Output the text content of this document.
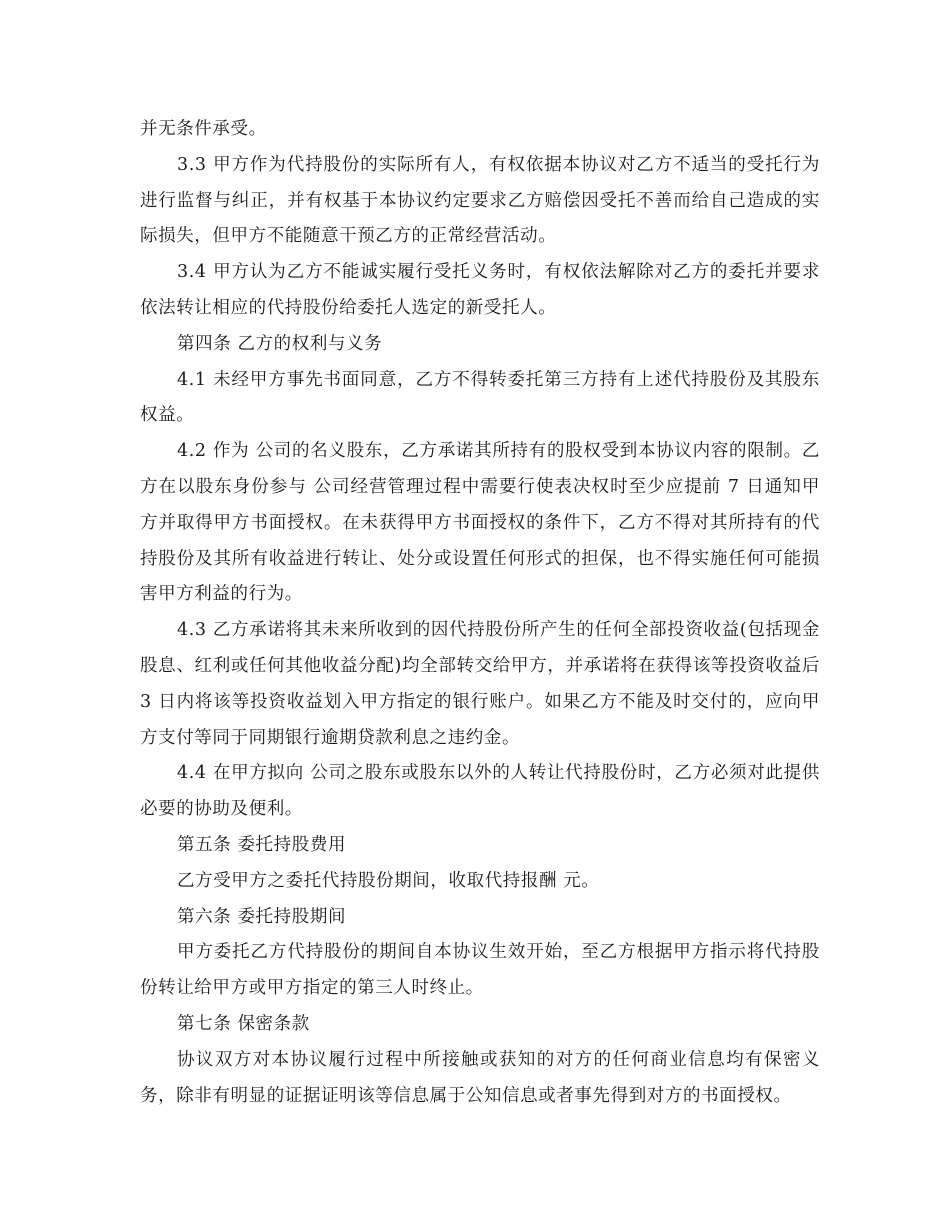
并无条件承受。

3.3 甲方作为代持股份的实际所有人，有权依据本协议对乙方不适当的受托行为进行监督与纠正，并有权基于本协议约定要求乙方赔偿因受托不善而给自己造成的实际损失，但甲方不能随意干预乙方的正常经营活动。

3.4 甲方认为乙方不能诚实履行受托义务时，有权依法解除对乙方的委托并要求依法转让相应的代持股份给委托人选定的新受托人。

第四条 乙方的权利与义务

4.1 未经甲方事先书面同意，乙方不得转委托第三方持有上述代持股份及其股东权益。

4.2 作为 公司的名义股东，乙方承诺其所持有的股权受到本协议内容的限制。乙方在以股东身份参与 公司经营管理过程中需要行使表决权时至少应提前 7 日通知甲方并取得甲方书面授权。在未获得甲方书面授权的条件下，乙方不得对其所持有的代持股份及其所有收益进行转让、处分或设置任何形式的担保，也不得实施任何可能损害甲方利益的行为。

4.3 乙方承诺将其未来所收到的因代持股份所产生的任何全部投资收益(包括现金股息、红利或任何其他收益分配)均全部转交给甲方，并承诺将在获得该等投资收益后 3 日内将该等投资收益划入甲方指定的银行账户。如果乙方不能及时交付的，应向甲方支付等同于同期银行逾期贷款利息之违约金。

4.4 在甲方拟向 公司之股东或股东以外的人转让代持股份时，乙方必须对此提供必要的协助及便利。

第五条 委托持股费用

乙方受甲方之委托代持股份期间，收取代持报酬 元。

第六条 委托持股期间

甲方委托乙方代持股份的期间自本协议生效开始，至乙方根据甲方指示将代持股份转让给甲方或甲方指定的第三人时终止。

第七条 保密条款

协议双方对本协议履行过程中所接触或获知的对方的任何商业信息均有保密义务，除非有明显的证据证明该等信息属于公知信息或者事先得到对方的书面授权。
